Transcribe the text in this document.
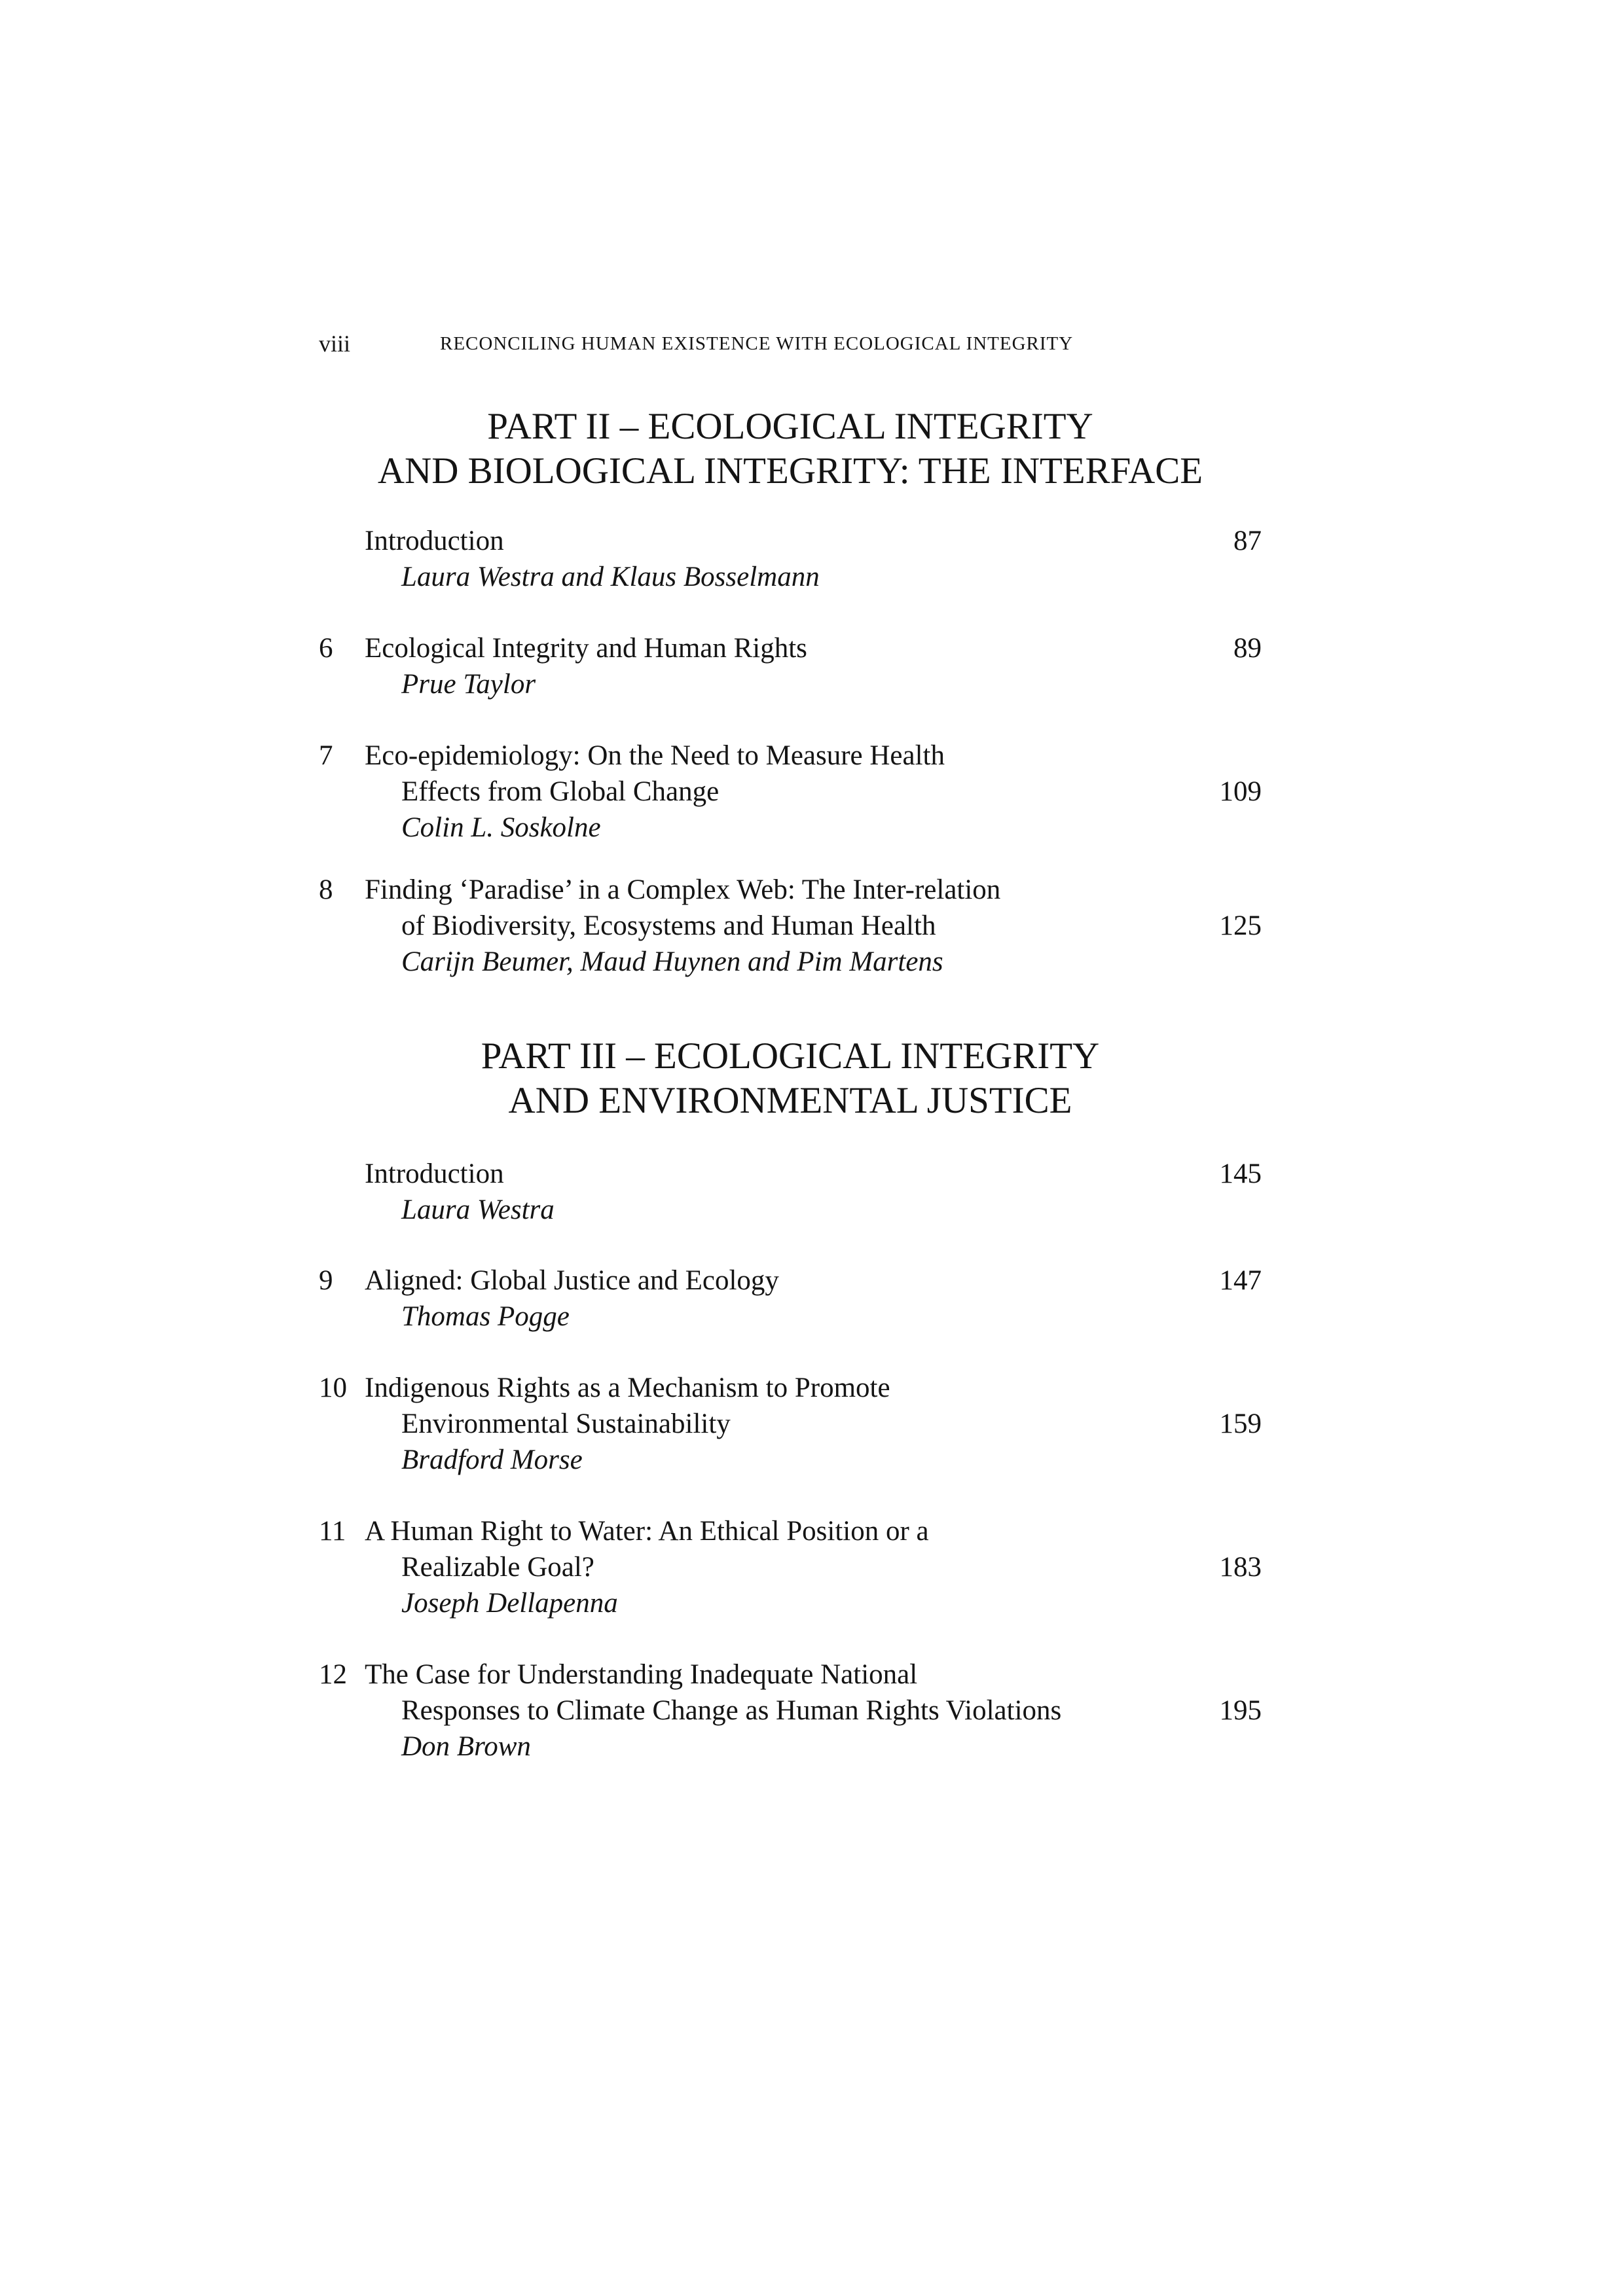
viii	RECONCILING HUMAN EXISTENCE WITH ECOLOGICAL INTEGRITY
PART II – ECOLOGICAL INTEGRITY
AND BIOLOGICAL INTEGRITY: THE INTERFACE
Introduction	87
Laura Westra and Klaus Bosselmann
6	Ecological Integrity and Human Rights	89
Prue Taylor
7	Eco-epidemiology: On the Need to Measure Health
Effects from Global Change	109
Colin L. Soskolne
8	Finding ‘Paradise’ in a Complex Web: The Inter-relation
of Biodiversity, Ecosystems and Human Health	125
Carijn Beumer, Maud Huynen and Pim Martens
PART III – ECOLOGICAL INTEGRITY
AND ENVIRONMENTAL JUSTICE
Introduction	145
Laura Westra
9	Aligned: Global Justice and Ecology	147
Thomas Pogge
10 Indigenous Rights as a Mechanism to Promote
Environmental Sustainability	159
Bradford Morse
11 A Human Right to Water: An Ethical Position or a
Realizable Goal?	183
Joseph Dellapenna
12 The Case for Understanding Inadequate National
Responses to Climate Change as Human Rights Violations	195
Don Brown
